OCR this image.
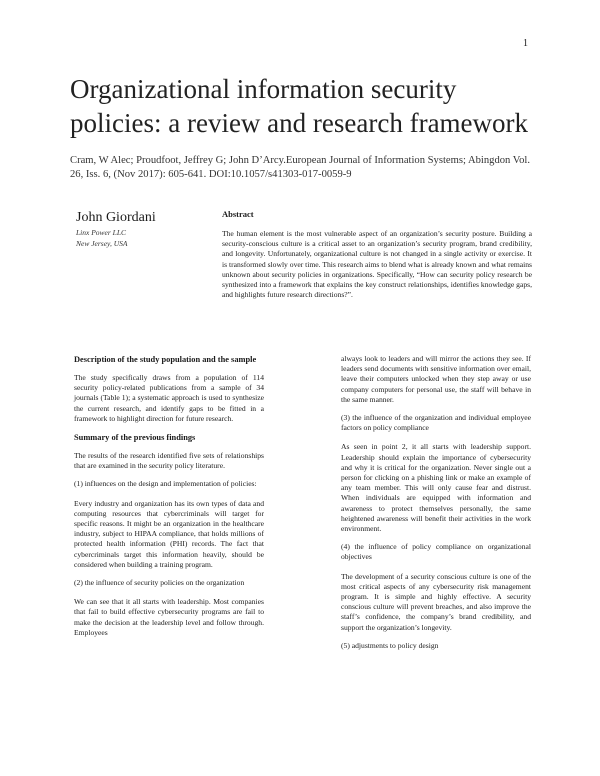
1
Organizational information security policies: a review and research framework
Cram, W Alec; Proudfoot, Jeffrey G; John D’Arcy.European Journal of Information Systems; Abingdon Vol. 26, Iss. 6, (Nov 2017): 605-641. DOI:10.1057/s41303-017-0059-9
John Giordani
Linx Power LLC
New Jersey, USA
Abstract

The human element is the most vulnerable aspect of an organization’s security posture. Building a security-conscious culture is a critical asset to an organization’s security program, brand credibility, and longevity. Unfortunately, organizational culture is not changed in a single activity or exercise. It is transformed slowly over time. This research aims to blend what is already known and what remains unknown about security policies in organizations. Specifically, “How can security policy research be synthesized into a framework that explains the key construct relationships, identifies knowledge gaps, and highlights future research directions?”.

Description of the study population and the sample

The study specifically draws from a population of 114 security policy-related publications from a sample of 34 journals (Table 1); a systematic approach is used to synthesize the current research, and identify gaps to be fitted in a framework to highlight direction for future research.

Summary of the previous findings

The results of the research identified five sets of relationships that are examined in the security policy literature.

(1) influences on the design and implementation of policies:

Every industry and organization has its own types of data and computing resources that cybercriminals will target for specific reasons. It might be an organization in the healthcare industry, subject to HIPAA compliance, that holds millions of protected health information (PHI) records. The fact that cybercriminals target this information heavily, should be considered when building a training program.

(2) the influence of security policies on the organization

We can see that it all starts with leadership. Most companies that fail to build effective cybersecurity programs are fail to make the decision at the leadership level and follow through. Employees

always look to leaders and will mirror the actions they see. If leaders send documents with sensitive information over email, leave their computers unlocked when they step away or use company computers for personal use, the staff will behave in the same manner.

(3) the influence of the organization and individual employee factors on policy compliance

As seen in point 2, it all starts with leadership support. Leadership should explain the importance of cybersecurity and why it is critical for the organization. Never single out a person for clicking on a phishing link or make an example of any team member. This will only cause fear and distrust. When individuals are equipped with information and awareness to protect themselves personally, the same heightened awareness will benefit their activities in the work environment.

(4) the influence of policy compliance on organizational objectives

The development of a security conscious culture is one of the most critical aspects of any cybersecurity risk management program. It is simple and highly effective. A security conscious culture will prevent breaches, and also improve the staff’s confidence, the company’s brand credibility, and support the organization’s longevity.

(5) adjustments to policy design
